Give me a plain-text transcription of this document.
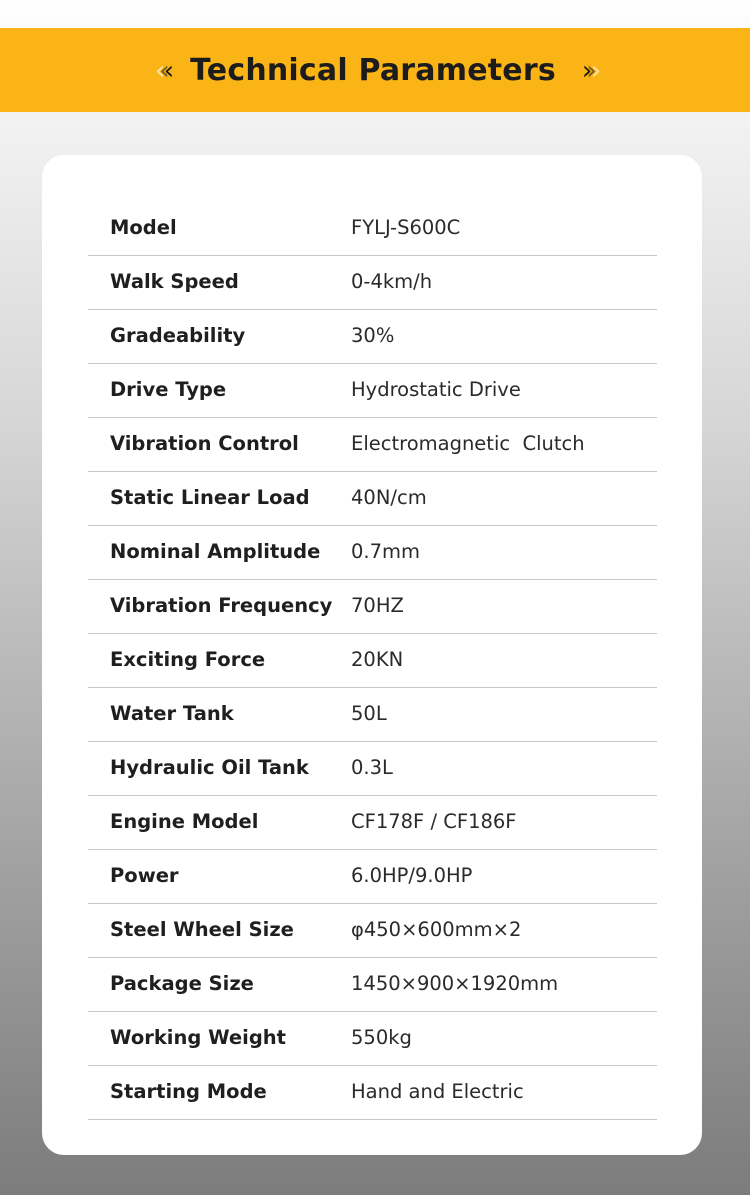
‹‹‹ Technical Parameters ›››
Model	FYLJ-S600C
Walk Speed	0-4km/h
Gradeability	30%
Drive Type	Hydrostatic Drive
Vibration Control	Electromagnetic  Clutch
Static Linear Load 40N/cm
Nominal Amplitude 0.7mm
Vibration Frequency 70HZ
Exciting Force	20KN
Water Tank	50L
Hydraulic Oil Tank 0.3L
Engine Model	CF178F / CF186F
Power	6.0HP/9.0HP
Steel Wheel Size	φ450×600mm×2
Package Size	1450×900×1920mm
Working Weight	550kg
Starting Mode	Hand and Electric
